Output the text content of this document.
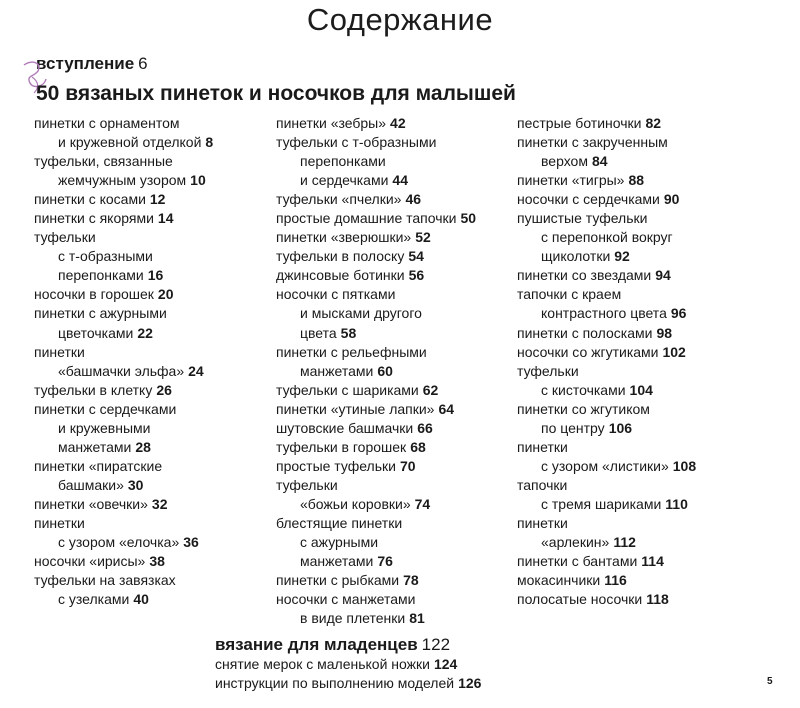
Содержание
вступление 6
50 вязаных пинеток и носочков для малышей
пинетки с орнаментом
и кружевной отделкой 8
туфельки, связанные
жемчужным узором 10
пинетки с косами 12
пинетки с якорями 14
туфельки
с т-образными
перепонками 16
носочки в горошек 20
пинетки с ажурными
цветочками 22
пинетки
«башмачки эльфа» 24
туфельки в клетку 26
пинетки с сердечками
и кружевными
манжетами 28
пинетки «пиратские
башмаки» 30
пинетки «овечки» 32
пинетки
с узором «елочка» 36
носочки «ирисы» 38
туфельки на завязках
с узелками 40
пинетки «зебры» 42
туфельки с т-образными
перепонками
и сердечками 44
туфельки «пчелки» 46
простые домашние тапочки 50
пинетки «зверюшки» 52
туфельки в полоску 54
джинсовые ботинки 56
носочки с пятками
и мысками другого
цвета 58
пинетки с рельефными
манжетами 60
туфельки с шариками 62
пинетки «утиные лапки» 64
шутовские башмачки 66
туфельки в горошек 68
простые туфельки 70
туфельки
«божьи коровки» 74
блестящие пинетки
с ажурными
манжетами 76
пинетки с рыбками 78
носочки с манжетами
в виде плетенки 81
пестрые ботиночки 82
пинетки с закрученным
верхом 84
пинетки «тигры» 88
носочки с сердечками 90
пушистые туфельки
с перепонкой вокруг
щиколотки 92
пинетки со звездами 94
тапочки с краем
контрастного цвета 96
пинетки с полосками 98
носочки со жгутиками 102
туфельки
с кисточками 104
пинетки со жгутиком
по центру 106
пинетки
с узором «листики» 108
тапочки
с тремя шариками 110
пинетки
«арлекин» 112
пинетки с бантами 114
мокасинчики 116
полосатые носочки 118
вязание для младенцев 122
снятие мерок с маленькой ножки 124
инструкции по выполнению моделей 126	5
